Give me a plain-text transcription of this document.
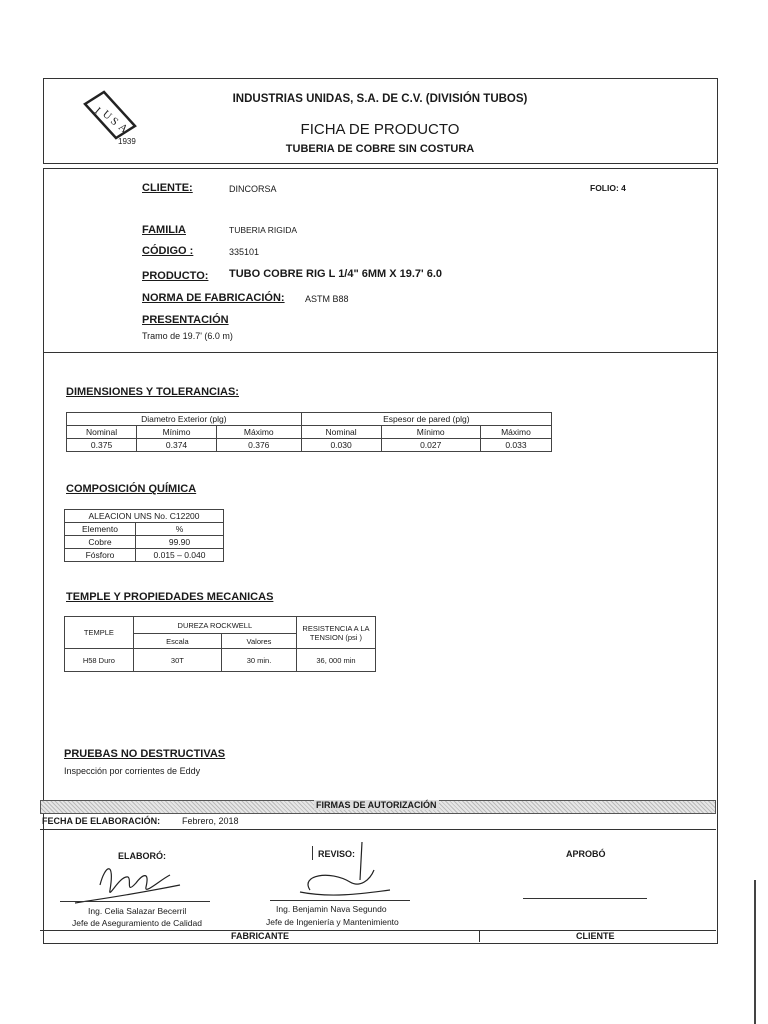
I
U
S
A
1939
INDUSTRIAS UNIDAS, S.A. DE C.V. (DIVISIÓN TUBOS)
FICHA DE PRODUCTO
TUBERIA DE COBRE SIN COSTURA
CLIENTE:	DINCORSA	FOLIO: 4
FAMILIA	TUBERIA RIGIDA
CÓDIGO :	335101
PRODUCTO: TUBO COBRE RIG L 1/4" 6MM X 19.7' 6.0
NORMA DE FABRICACIÓN: ASTM B88
PRESENTACIÓN
Tramo de 19.7' (6.0 m)
DIMENSIONES Y TOLERANCIAS:
Diametro Exterior (plg)			Espesor de pared (plg)		
Nominal	Mínimo	Máximo	Nominal	Mínimo	Máximo
0.375	0.374	0.376	0.030	0.027	0.033
COMPOSICIÓN QUÍMICA
ALEACION UNS No. C12200	
Elemento	%
Cobre	99.90
Fósforo	0.015 – 0.040
TEMPLE Y PROPIEDADES MECANICAS
TEMPLE	DUREZA ROCKWELL		RESISTENCIA A LA TENSION (psi )
	Escala	Valores	
H58 Duro	30T	30 min.	36, 000 min
PRUEBAS NO DESTRUCTIVAS
Inspección por corrientes de Eddy
FIRMAS DE AUTORIZACIÓN
FECHA DE ELABORACIÓN: Febrero, 2018
ELABORÓ:	REVISO:	APROBÓ
Ing. Celia Salazar Becerril
Jefe de Aseguramiento de Calidad
Ing. Benjamin Nava Segundo
Jefe de Ingeniería y Mantenimiento
FABRICANTE	CLIENTE
